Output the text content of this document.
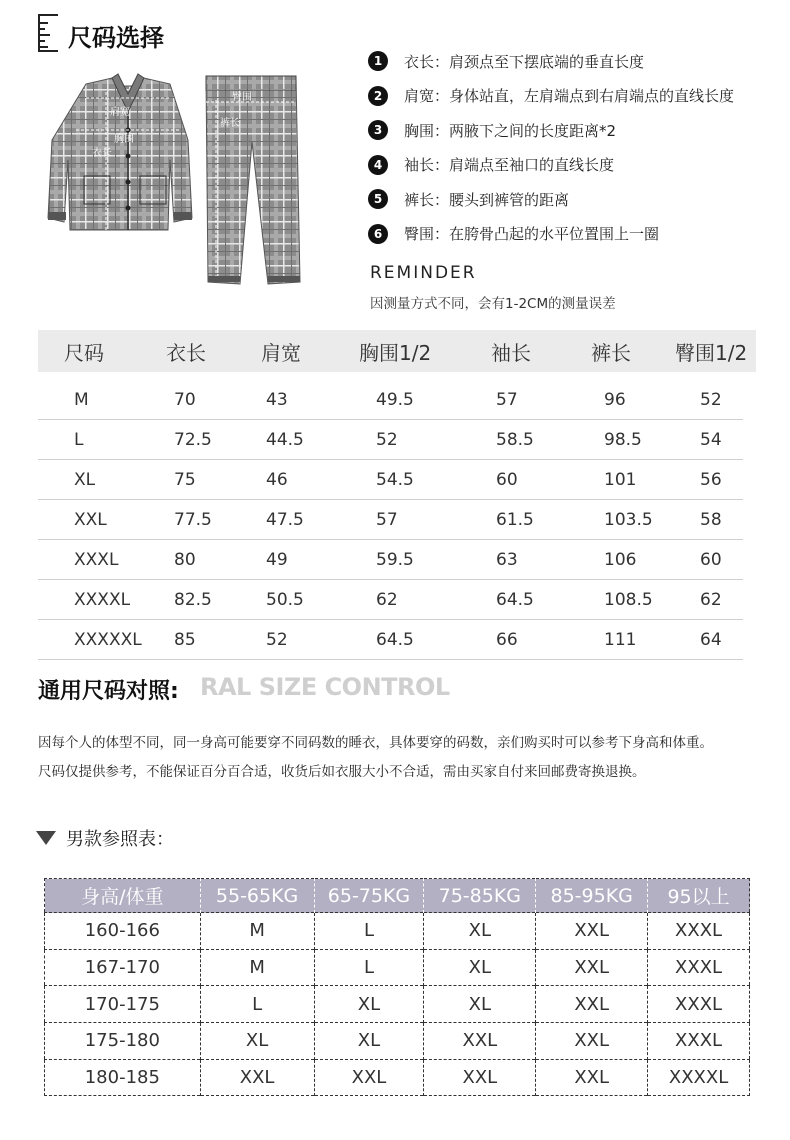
尺码选择
肩宽
胸围
衣长
臀围
裤长
1	衣长： 肩颈点至下摆底端的垂直长度
2	肩宽： 身体站直，左肩端点到右肩端点的直线长度
3	胸围： 两腋下之间的长度距离*2
4	袖长： 肩端点至袖口的直线长度
5	裤长： 腰头到裤管的距离
6	臀围： 在胯骨凸起的水平位置围上一圈
REMINDER
因测量方式不同，会有1-2CM的测量误差
尺码	衣长	肩宽	胸围1/2	袖长	裤长	臀围1/2
M	70	43	49.5	57	96	52
L	72.5	44.5	52	58.5	98.5	54
XL	75	46	54.5	60	101	56
XXL	77.5	47.5	57	61.5	103.5	58
XXXL	80	49	59.5	63	106	60
XXXXL	82.5	50.5	62	64.5	108.5	62
XXXXXL	85	52	64.5	66	111	64
通用尺码对照: RAL SIZE CONTROL
因每个人的体型不同，同一身高可能要穿不同码数的睡衣，具体要穿的码数，亲们购买时可以参考下身高和体重。
尺码仅提供参考，不能保证百分百合适，收货后如衣服大小不合适，需由买家自付来回邮费寄换退换。
男款参照表：
身高/体重	55-65KG	65-75KG	75-85KG	85-95KG	95以上
160-166	M	L	XL	XXL	XXXL
167-170	M	L	XL	XXL	XXXL
170-175	L	XL	XL	XXL	XXXL
175-180	XL	XL	XXL	XXL	XXXL
180-185	XXL	XXL	XXL	XXL	XXXXL
